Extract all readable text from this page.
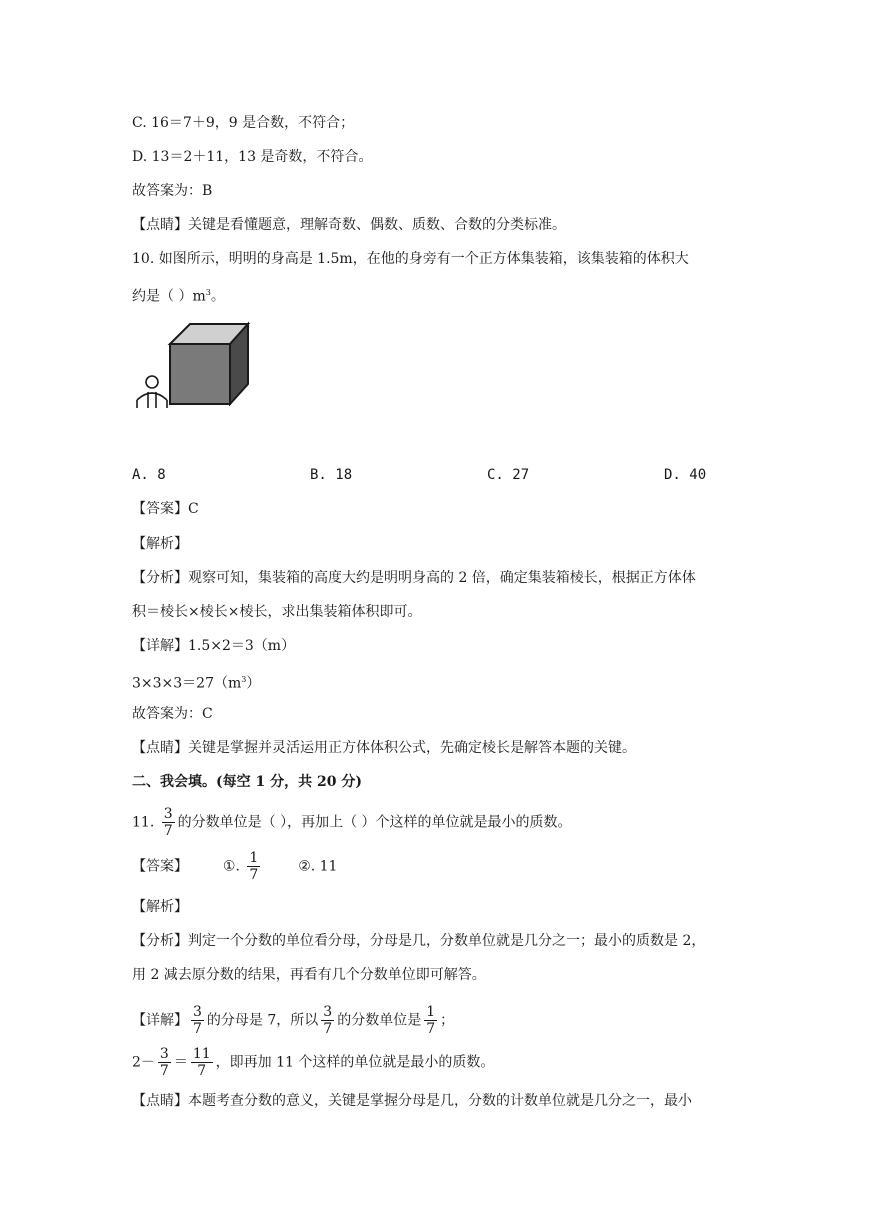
C. 16＝7＋9，9 是合数，不符合；
D. 13＝2＋11，13 是奇数，不符合。
故答案为：B
【点睛】关键是看懂题意，理解奇数、偶数、质数、合数的分类标准。
10. 如图所示，明明的身高是 1.5m，在他的身旁有一个正方体集装箱，该集装箱的体积大
约是（ ）$m^3$。
A. 8	B. 18	C. 27	D. 40
【答案】C
【解析】
【分析】观察可知，集装箱的高度大约是明明身高的 2 倍，确定集装箱棱长，根据正方体体
积＝棱长×棱长×棱长，求出集装箱体积即可。
【详解】1.5×2＝3（m）
$3\times 3\times 3=27(m^3)$
故答案为：C
【点睛】关键是掌握并灵活运用正方体体积公式，先确定棱长是解答本题的关键。
二、我会填。(每空 1 分，共 20 分)
11. $\frac{3}{7}$ 的分数单位是（ ），再加上（ ）个这样的单位就是最小的质数。
【答案】 ①. $\frac{1}{7}$	②. 11
【解析】
【分析】判定一个分数的单位看分母，分母是几，分数单位就是几分之一；最小的质数是 2，
用 2 减去原分数的结果，再看有几个分数单位即可解答。
【详解】 $\frac{3}{7}$ 的分母是 7，所以 $\frac{3}{7}$ 的分数单位是 $\frac{1}{7}$ ；
$2- \frac{3}{7} = \frac{11}{7}$ ，即再加 11 个这样的单位就是最小的质数。
【点睛】本题考查分数的意义，关键是掌握分母是几，分数的计数单位就是几分之一，最小
